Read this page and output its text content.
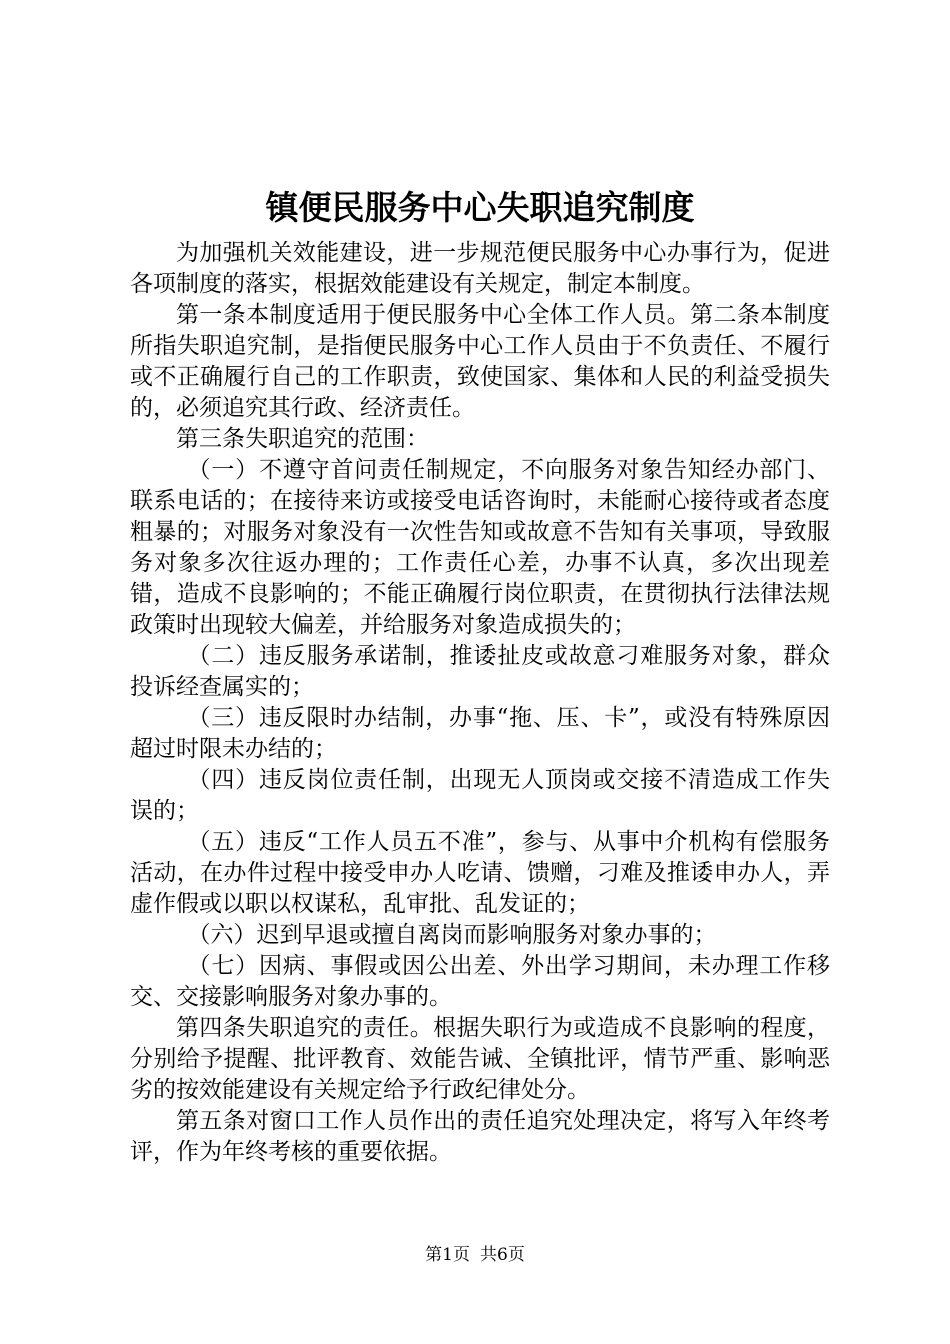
镇便民服务中心失职追究制度

为加强机关效能建设，进一步规范便民服务中心办事行为，促进各项制度的落实，根据效能建设有关规定，制定本制度。

第一条本制度适用于便民服务中心全体工作人员。第二条本制度所指失职追究制，是指便民服务中心工作人员由于不负责任、不履行或不正确履行自己的工作职责，致使国家、集体和人民的利益受损失的，必须追究其行政、经济责任。

第三条失职追究的范围：

（一）不遵守首问责任制规定，不向服务对象告知经办部门、联系电话的；在接待来访或接受电话咨询时，未能耐心接待或者态度粗暴的；对服务对象没有一次性告知或故意不告知有关事项，导致服务对象多次往返办理的；工作责任心差，办事不认真，多次出现差错，造成不良影响的；不能正确履行岗位职责，在贯彻执行法律法规政策时出现较大偏差，并给服务对象造成损失的；

（二）违反服务承诺制，推诿扯皮或故意刁难服务对象，群众投诉经查属实的；

（三）违反限时办结制，办事“拖、压、卡”，或没有特殊原因超过时限未办结的；

（四）违反岗位责任制，出现无人顶岗或交接不清造成工作失误的；

（五）违反“工作人员五不准”，参与、从事中介机构有偿服务活动，在办件过程中接受申办人吃请、馈赠，刁难及推诿申办人，弄虚作假或以职以权谋私，乱审批、乱发证的；

（六）迟到早退或擅自离岗而影响服务对象办事的；

（七）因病、事假或因公出差、外出学习期间，未办理工作移交、交接影响服务对象办事的。

第四条失职追究的责任。根据失职行为或造成不良影响的程度，分别给予提醒、批评教育、效能告诫、全镇批评，情节严重、影响恶劣的按效能建设有关规定给予行政纪律处分。

第五条对窗口工作人员作出的责任追究处理决定，将写入年终考评，作为年终考核的重要依据。

第1页 共6页
